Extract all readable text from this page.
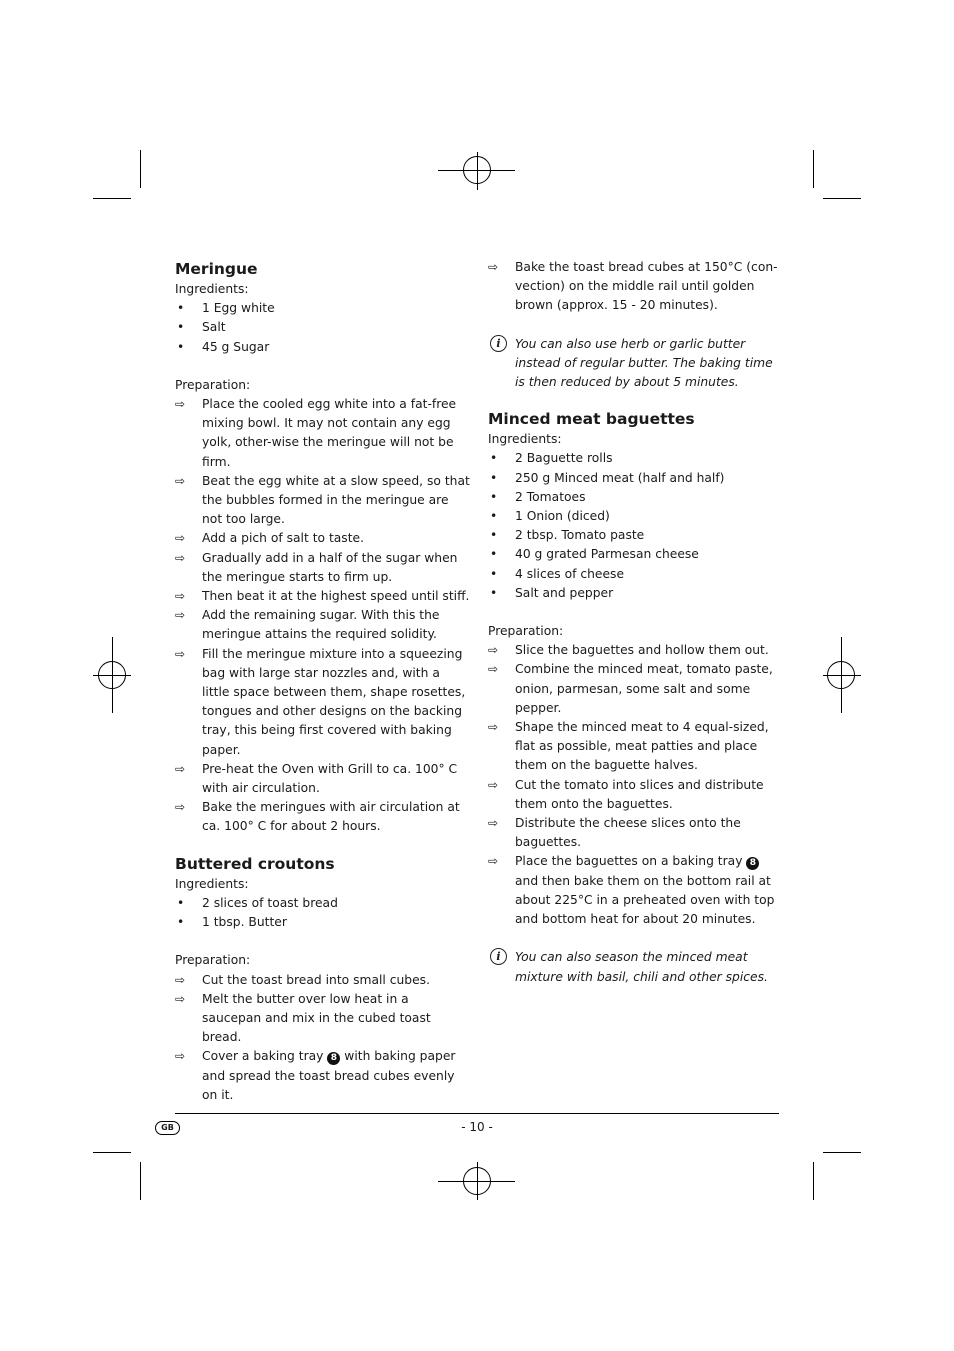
Meringue

Ingredients:

• 1 Egg white
• Salt
• 45 g Sugar

Preparation:

⇨ Place the cooled egg white into a fat-free mixing bowl. It may not contain any egg yolk, other-wise the meringue will not be firm.
⇨ Beat the egg white at a slow speed, so that the bubbles formed in the meringue are not too large.
⇨ Add a pich of salt to taste.
⇨ Gradually add in a half of the sugar when the meringue starts to firm up.
⇨ Then beat it at the highest speed until stiff.
⇨ Add the remaining sugar. With this the meringue attains the required solidity.
⇨ Fill the meringue mixture into a squeezing bag with large star nozzles and, with a little space between them, shape rosettes, tongues and other designs on the backing tray, this being first covered with baking paper.
⇨ Pre-heat the Oven with Grill to ca. 100° C with air circulation.
⇨ Bake the meringues with air circulation at ca. 100° C for about 2 hours.
Buttered croutons

Ingredients:

• 2 slices of toast bread
• 1 tbsp. Butter

Preparation:

⇨ Cut the toast bread into small cubes.
⇨ Melt the butter over low heat in a saucepan and mix in the cubed toast bread.
⇨ Cover a baking tray 8 with baking paper and spread the toast bread cubes evenly on it.
⇨ Bake the toast bread cubes at 150°C (con-vection) on the middle rail until golden brown (approx. 15 - 20 minutes).
i	You can also use herb or garlic butter instead of regular butter. The baking time is then reduced by about 5 minutes.
Minced meat baguettes

Ingredients:

• 2 Baguette rolls
• 250 g Minced meat (half and half)
• 2 Tomatoes
• 1 Onion (diced)
• 2 tbsp. Tomato paste
• 40 g grated Parmesan cheese
• 4 slices of cheese
• Salt and pepper

Preparation:

⇨ Slice the baguettes and hollow them out.
⇨ Combine the minced meat, tomato paste, onion, parmesan, some salt and some pepper.
⇨ Shape the minced meat to 4 equal-sized, flat as possible, meat patties and place them on the baguette halves.
⇨ Cut the tomato into slices and distribute them onto the baguettes.
⇨ Distribute the cheese slices onto the baguettes.
⇨ Place the baguettes on a baking tray 8 and then bake them on the bottom rail at about 225°C in a preheated oven with top and bottom heat for about 20 minutes.
i	You can also season the minced meat mixture with basil, chili and other spices.
GB	- 10 -
